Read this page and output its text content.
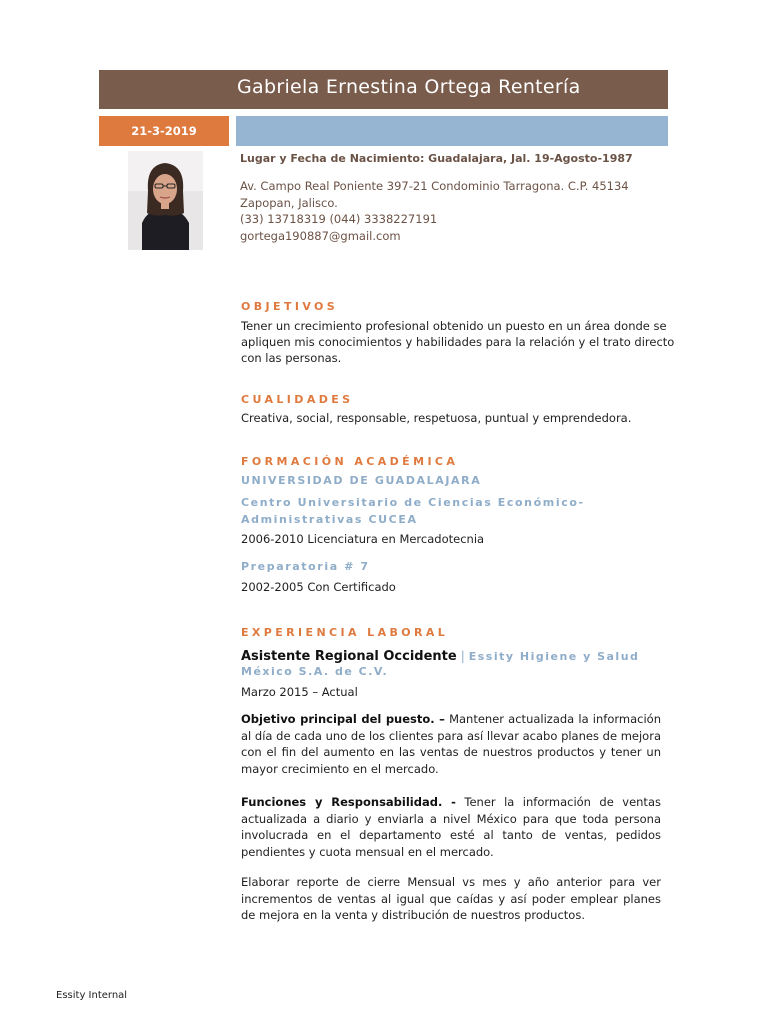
Gabriela Ernestina Ortega Rentería
21-3-2019
Lugar y Fecha de Nacimiento: Guadalajara, Jal. 19-Agosto-1987
Av. Campo Real Poniente 397-21 Condominio Tarragona. C.P. 45134
Zapopan, Jalisco.
(33) 13718319 (044) 3338227191
gortega190887@gmail.com
OBJETIVOS
Tener un crecimiento profesional obtenido un puesto en un área donde se
apliquen mis conocimientos y habilidades para la relación y el trato directo
con las personas.
CUALIDADES
Creativa, social, responsable, respetuosa, puntual y emprendedora.
FORMACIÓN ACADÉMICA
UNIVERSIDAD DE GUADALAJARA
Centro Universitario de Ciencias Económico-
Administrativas CUCEA
2006-2010 Licenciatura en Mercadotecnia
Preparatoria # 7
2002-2005 Con Certificado
EXPERIENCIA LABORAL
Asistente Regional Occidente | Essity Higiene y Salud
México S.A. de C.V.
Marzo 2015 – Actual
Objetivo principal del puesto. – Mantener actualizada la información al día de cada uno de los clientes para así llevar acabo planes de mejora con el fin del aumento en las ventas de nuestros productos y tener un mayor crecimiento en el mercado.
Funciones y Responsabilidad. - Tener la información de ventas actualizada a diario y enviarla a nivel México para que toda persona involucrada en el departamento esté al tanto de ventas, pedidos pendientes y cuota mensual en el mercado.
Elaborar reporte de cierre Mensual vs mes y año anterior para ver incrementos de ventas al igual que caídas y así poder emplear planes de mejora en la venta y distribución de nuestros productos.
Essity Internal
